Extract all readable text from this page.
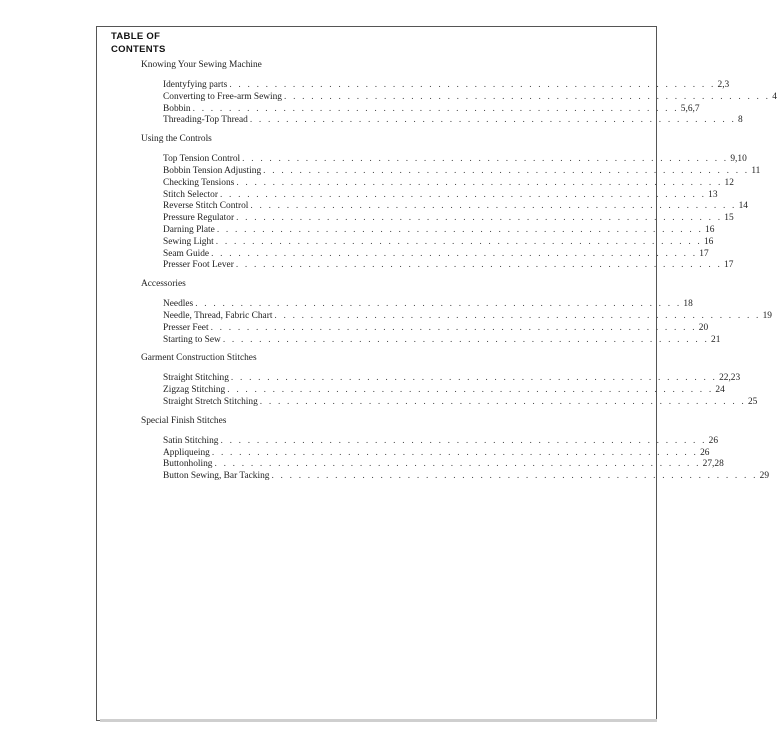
TABLE OF
CONTENTS
Knowing Your Sewing Machine
Identyfying parts . . . . . . . . . . . . . . . . . . . . . . . . . . . . . . . . . . . . . . . . . . . . . . . . . . . . . . 2,3
Converting to Free-arm Sewing . . . . . . . . . . . . . . . . . . . . . . . . . . . . . . . . . . . . . . . . . . . . . . . . . . . . . . 4
Bobbin . . . . . . . . . . . . . . . . . . . . . . . . . . . . . . . . . . . . . . . . . . . . . . . . . . . . . . 5,6,7
Threading-Top Thread . . . . . . . . . . . . . . . . . . . . . . . . . . . . . . . . . . . . . . . . . . . . . . . . . . . . . . 8
Using the Controls
Top Tension Control . . . . . . . . . . . . . . . . . . . . . . . . . . . . . . . . . . . . . . . . . . . . . . . . . . . . . . 9,10
Bobbin Tension Adjusting . . . . . . . . . . . . . . . . . . . . . . . . . . . . . . . . . . . . . . . . . . . . . . . . . . . . . . 11
Checking Tensions . . . . . . . . . . . . . . . . . . . . . . . . . . . . . . . . . . . . . . . . . . . . . . . . . . . . . . 12
Stitch Selector . . . . . . . . . . . . . . . . . . . . . . . . . . . . . . . . . . . . . . . . . . . . . . . . . . . . . . 13
Reverse Stitch Control . . . . . . . . . . . . . . . . . . . . . . . . . . . . . . . . . . . . . . . . . . . . . . . . . . . . . . 14
Pressure Regulator . . . . . . . . . . . . . . . . . . . . . . . . . . . . . . . . . . . . . . . . . . . . . . . . . . . . . . 15
Darning Plate . . . . . . . . . . . . . . . . . . . . . . . . . . . . . . . . . . . . . . . . . . . . . . . . . . . . . . 16
Sewing Light . . . . . . . . . . . . . . . . . . . . . . . . . . . . . . . . . . . . . . . . . . . . . . . . . . . . . . 16
Seam Guide . . . . . . . . . . . . . . . . . . . . . . . . . . . . . . . . . . . . . . . . . . . . . . . . . . . . . . 17
Presser Foot Lever . . . . . . . . . . . . . . . . . . . . . . . . . . . . . . . . . . . . . . . . . . . . . . . . . . . . . . 17
Accessories
Needles . . . . . . . . . . . . . . . . . . . . . . . . . . . . . . . . . . . . . . . . . . . . . . . . . . . . . . 18
Needle, Thread, Fabric Chart . . . . . . . . . . . . . . . . . . . . . . . . . . . . . . . . . . . . . . . . . . . . . . . . . . . . . . 19
Presser Feet . . . . . . . . . . . . . . . . . . . . . . . . . . . . . . . . . . . . . . . . . . . . . . . . . . . . . . 20
Starting to Sew . . . . . . . . . . . . . . . . . . . . . . . . . . . . . . . . . . . . . . . . . . . . . . . . . . . . . . 21
Garment Construction Stitches
Straight Stitching . . . . . . . . . . . . . . . . . . . . . . . . . . . . . . . . . . . . . . . . . . . . . . . . . . . . . . 22,23
Zigzag Stitching . . . . . . . . . . . . . . . . . . . . . . . . . . . . . . . . . . . . . . . . . . . . . . . . . . . . . . 24
Straight Stretch Stitching . . . . . . . . . . . . . . . . . . . . . . . . . . . . . . . . . . . . . . . . . . . . . . . . . . . . . . 25
Special Finish Stitches
Satin Stitching . . . . . . . . . . . . . . . . . . . . . . . . . . . . . . . . . . . . . . . . . . . . . . . . . . . . . . 26
Appliqueing . . . . . . . . . . . . . . . . . . . . . . . . . . . . . . . . . . . . . . . . . . . . . . . . . . . . . . 26
Buttonholing . . . . . . . . . . . . . . . . . . . . . . . . . . . . . . . . . . . . . . . . . . . . . . . . . . . . . . 27,28
Button Sewing, Bar Tacking . . . . . . . . . . . . . . . . . . . . . . . . . . . . . . . . . . . . . . . . . . . . . . . . . . . . . . 29
